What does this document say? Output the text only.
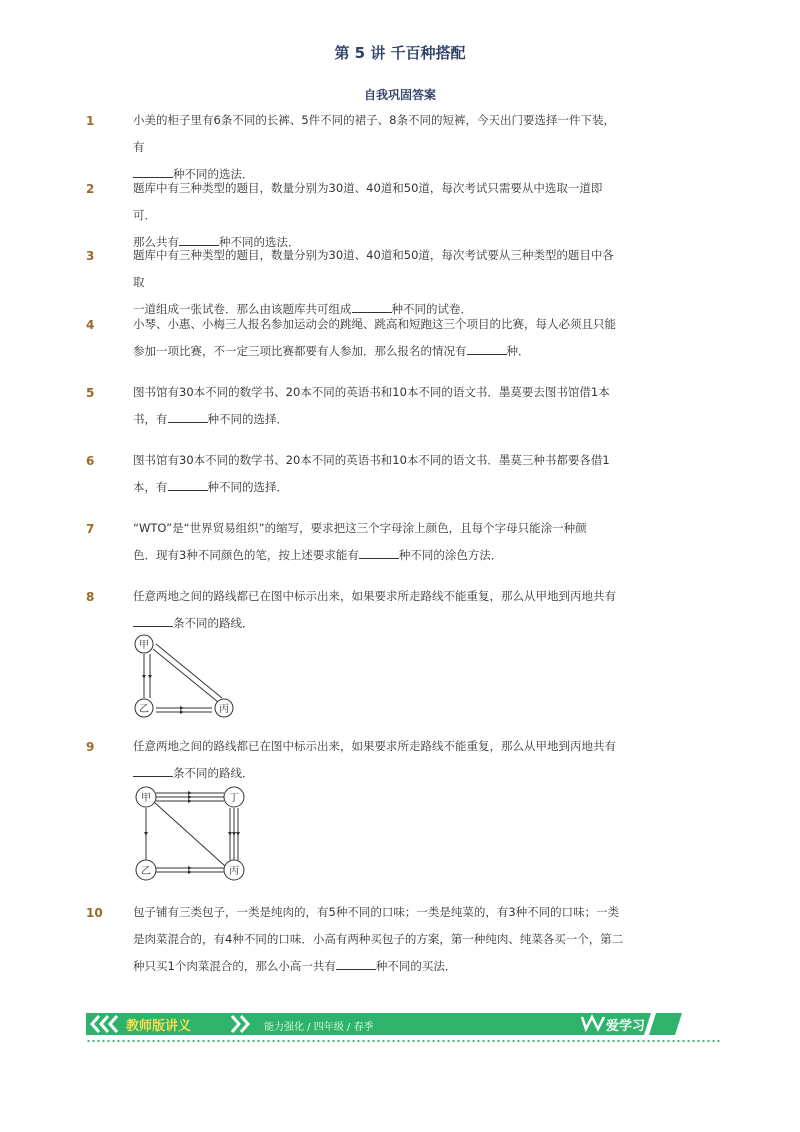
第 5 讲 千百种搭配
自我巩固答案
1	小美的柜子里有6条不同的长裤、5件不同的裙子、8条不同的短裤，今天出门要选择一件下装，有
种不同的选法．
2	题库中有三种类型的题目，数量分别为30道、40道和50道，每次考试只需要从中选取一道即可．
那么共有	种不同的选法．
3	题库中有三种类型的题目，数量分别为30道、40道和50道，每次考试要从三种类型的题目中各取
一道组成一张试卷．那么由该题库共可组成	种不同的试卷．
4	小琴、小惠、小梅三人报名参加运动会的跳绳、跳高和短跑这三个项目的比赛，每人必须且只能
参加一项比赛，不一定三项比赛都要有人参加．那么报名的情况有	种．
5	图书馆有30本不同的数学书、20本不同的英语书和10本不同的语文书．墨莫要去图书馆借1本
书，有	种不同的选择．
6	图书馆有30本不同的数学书、20本不同的英语书和10本不同的语文书．墨莫三种书都要各借1
本，有	种不同的选择．
7	“WTO”是“世界贸易组织”的缩写，要求把这三个字母涂上颜色，且每个字母只能涂一种颜
色．现有3种不同颜色的笔，按上述要求能有	种不同的涂色方法．
8	任意两地之间的路线都已在图中标示出来，如果要求所走路线不能重复，那么从甲地到丙地共有
条不同的路线．
甲
乙	丙
9	任意两地之间的路线都已在图中标示出来，如果要求所走路线不能重复，那么从甲地到丙地共有
条不同的路线．
甲	丁
乙	丙
10	包子铺有三类包子，一类是纯肉的，有5种不同的口味；一类是纯菜的，有3种不同的口味；一类
是肉菜混合的，有4种不同的口味．小高有两种买包子的方案，第一种纯肉、纯菜各买一个，第二
种只买1个肉菜混合的，那么小高一共有	种不同的买法．
教师版讲义	能力强化 / 四年级 / 春季	爱学习
